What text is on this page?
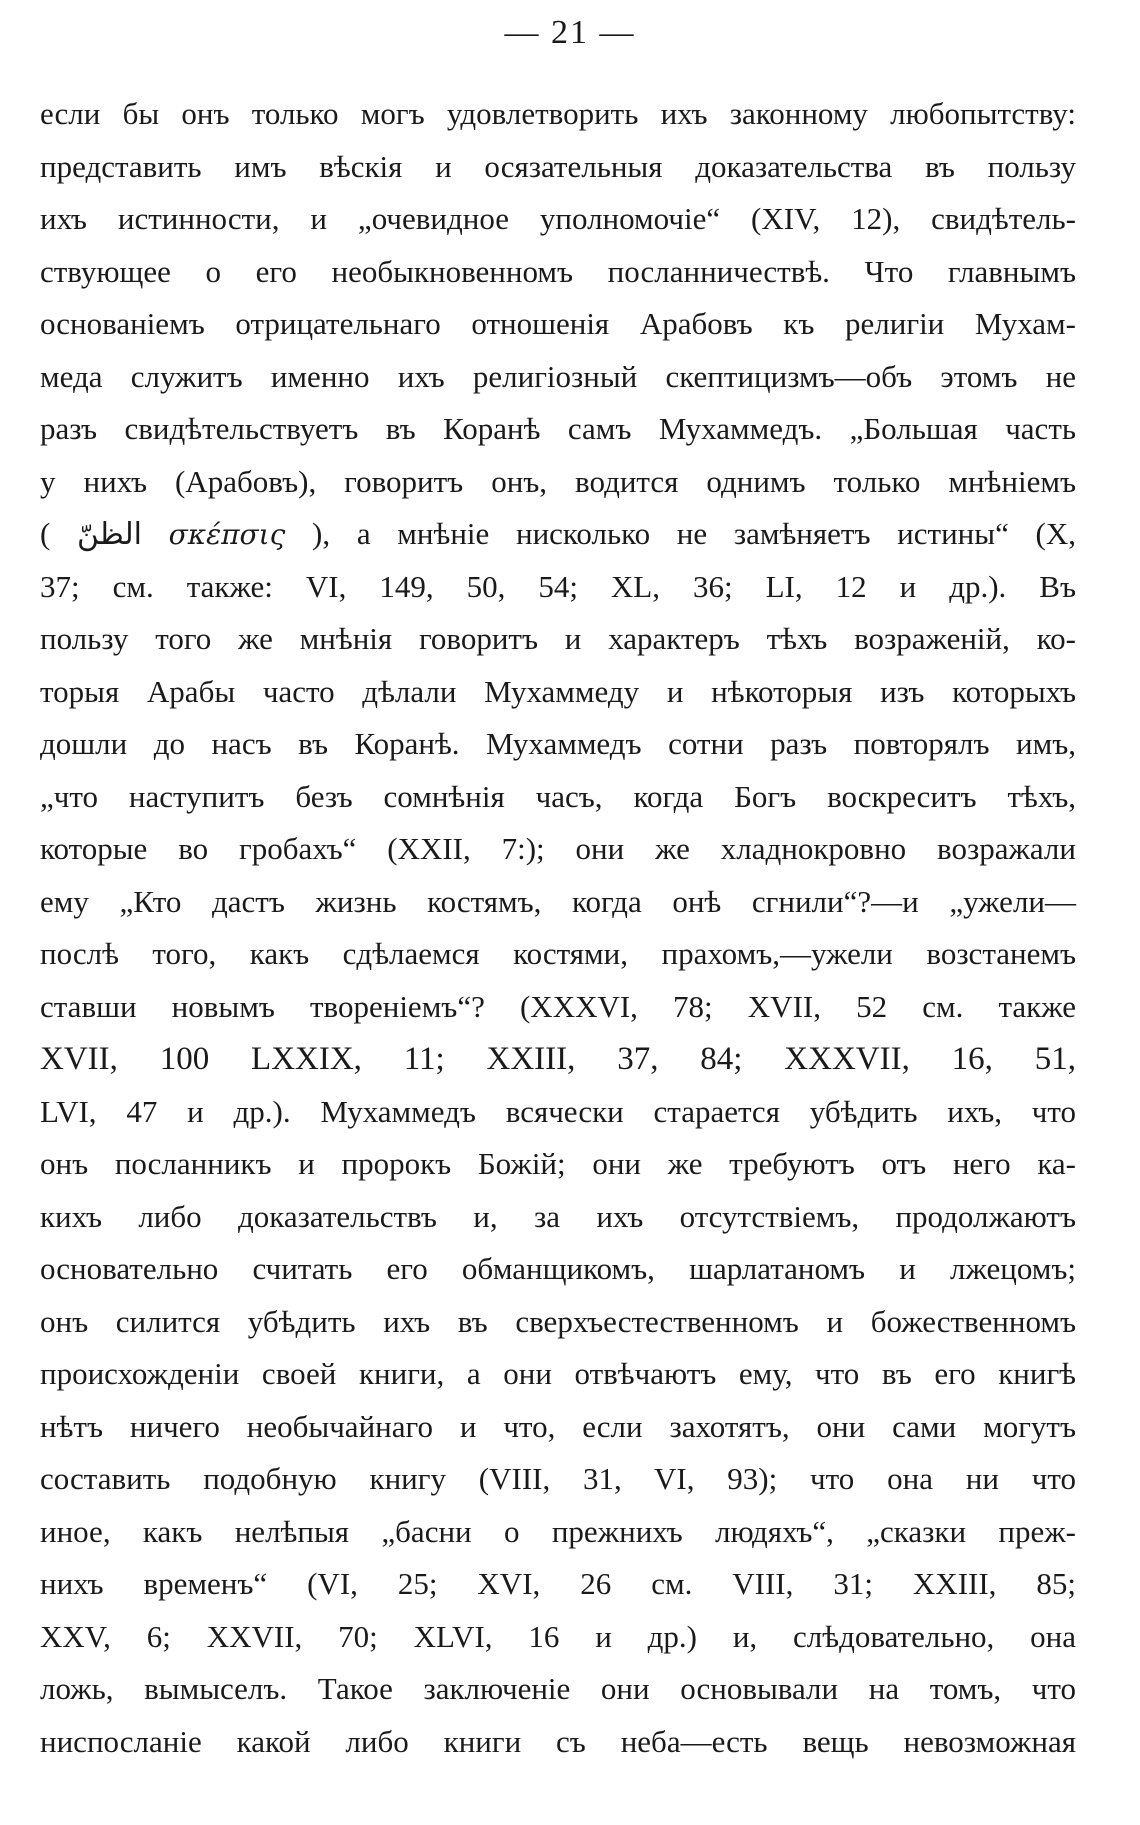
— 21 —
если бы онъ только могъ удовлетворить ихъ законному любопытству:
представить имъ вѣскія и осязательныя доказательства въ пользу
ихъ истинности, и „очевидное уполномочіе“ (XIV, 12), свидѣтель-
ствующее о его необыкновенномъ посланничествѣ. Что главнымъ
основаніемъ отрицательнаго отношенія Арабовъ къ религіи Мухам-
меда служитъ именно ихъ религіозный скептицизмъ—объ этомъ не
разъ свидѣтельствуетъ въ Коранѣ самъ Мухаммедъ. „Большая часть
у нихъ (Арабовъ), говоритъ онъ, водится однимъ только мнѣніемъ
( الظنّ σκέπσις ), а мнѣніе нисколько не замѣняетъ истины“ (X,
37; см. также: VI, 149, 50, 54; XL, 36; LI, 12 и др.). Въ
пользу того же мнѣнія говоритъ и характеръ тѣхъ возраженій, ко-
торыя Арабы часто дѣлали Мухаммеду и нѣкоторыя изъ которыхъ
дошли до насъ въ Коранѣ. Мухаммедъ сотни разъ повторялъ имъ,
„что наступитъ безъ сомнѣнія часъ, когда Богъ воскреситъ тѣхъ,
которые во гробахъ“ (XXII, 7:); они же хладнокровно возражали
ему „Кто дастъ жизнь костямъ, когда онѣ сгнили“?—и „ужели—
послѣ того, какъ сдѣлаемся костями, прахомъ,—ужели возстанемъ
ставши новымъ твореніемъ“? (XXXVI, 78; XVII, 52 см. также
XVII, 100 LXXIX, 11; XXIII, 37, 84; XXXVII, 16, 51,
LVI, 47 и др.). Мухаммедъ всячески старается убѣдить ихъ, что
онъ посланникъ и пророкъ Божій; они же требуютъ отъ него ка-
кихъ либо доказательствъ и, за ихъ отсутствіемъ, продолжаютъ
основательно считать его обманщикомъ, шарлатаномъ и лжецомъ;
онъ силится убѣдить ихъ въ сверхъестественномъ и божественномъ
происхожденіи своей книги, а они отвѣчаютъ ему, что въ его книгѣ
нѣтъ ничего необычайнаго и что, если захотятъ, они сами могутъ
составить подобную книгу (VIII, 31, VI, 93); что она ни что
иное, какъ нелѣпыя „басни о прежнихъ людяхъ“, „сказки преж-
нихъ временъ“ (VI, 25; XVI, 26 см. VIII, 31; XXIII, 85;
XXV, 6; XXVII, 70; XLVI, 16 и др.) и, слѣдовательно, она
ложь, вымыселъ. Такое заключеніе они основывали на томъ, что
ниспосланіе какой либо книги съ неба—есть вещь невозможная
